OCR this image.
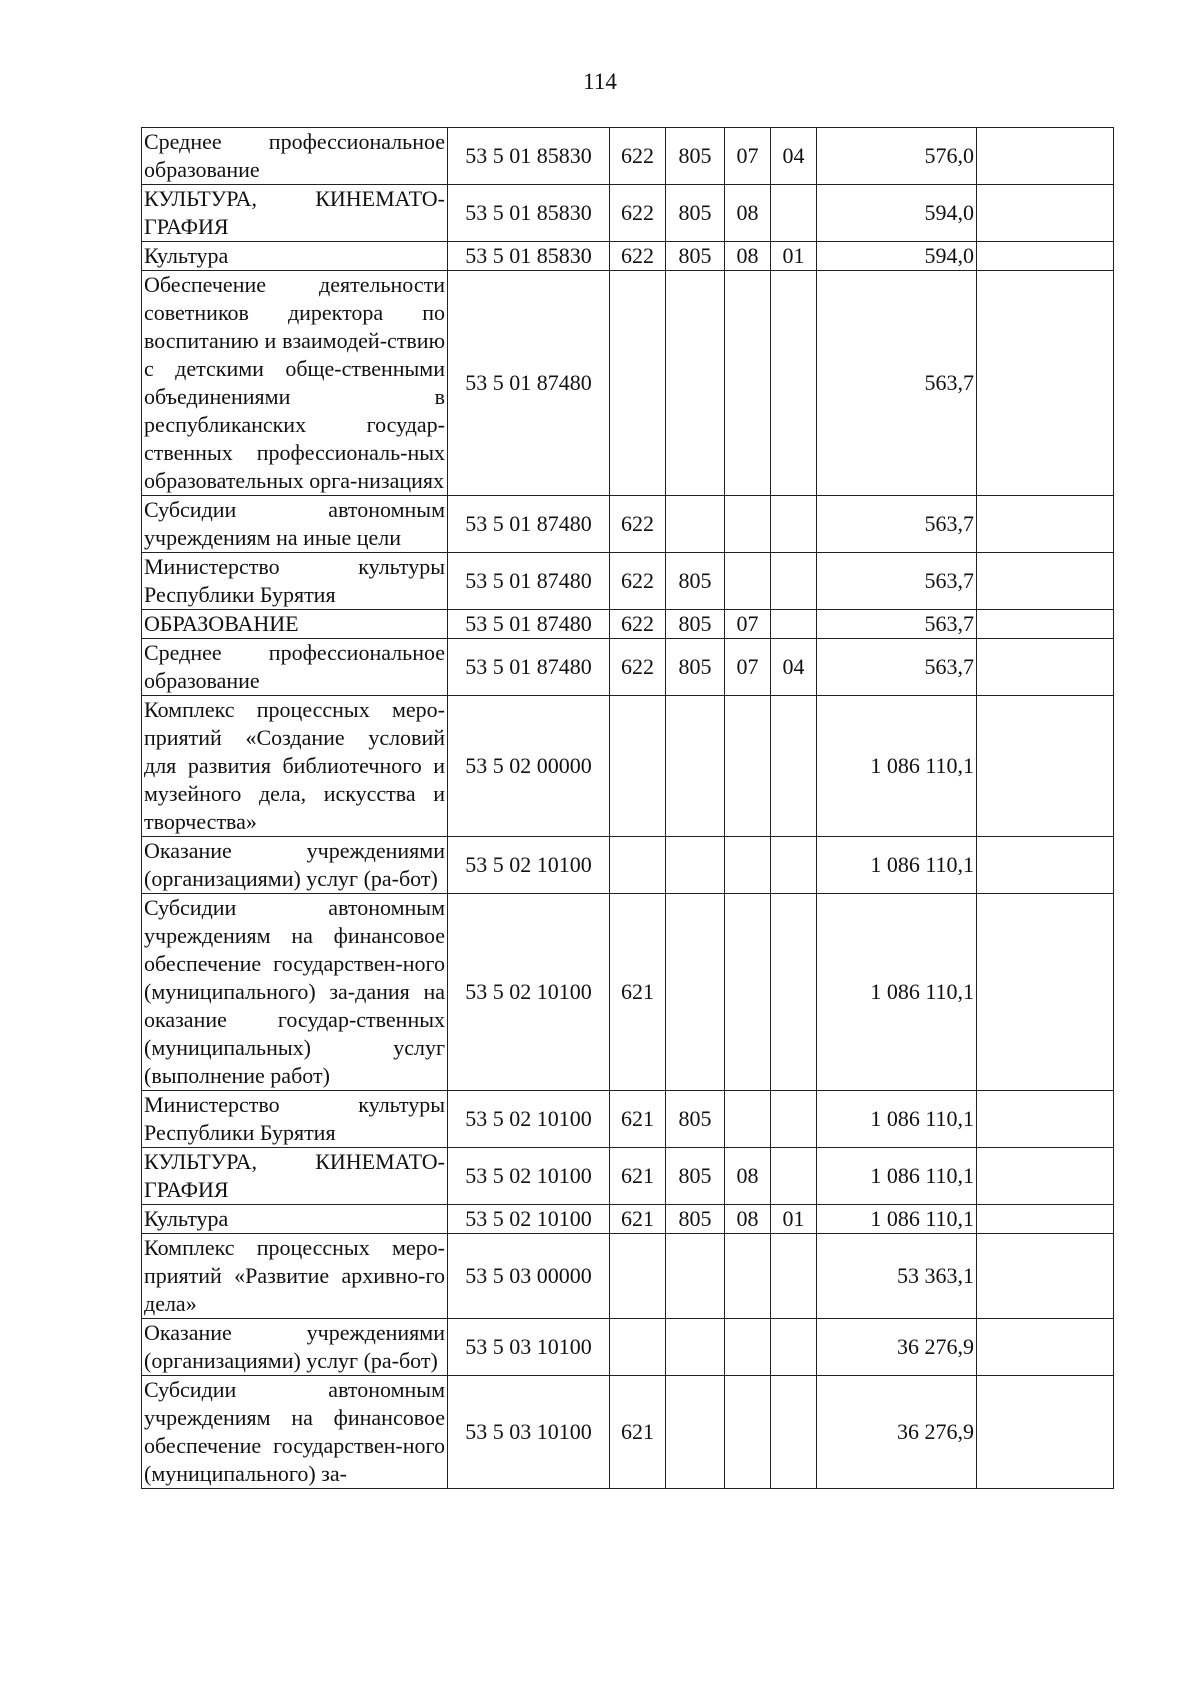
114
Среднее профессиональное образование	53 5 01 85830	622	805	07	04	576,0	
КУЛЬТУРА, КИНЕМАТО-ГРАФИЯ	53 5 01 85830	622	805	08		594,0	
Культура	53 5 01 85830	622	805	08	01	594,0	
Обеспечение деятельности советников директора по воспитанию и взаимодей-ствию с детскими обще-ственными объединениями в республиканских государ-ственных профессиональ-ных образовательных орга-низациях	53 5 01 87480					563,7	
Субсидии автономным учреждениям на иные цели	53 5 01 87480	622				563,7	
Министерство культуры Республики Бурятия	53 5 01 87480	622	805			563,7	
ОБРАЗОВАНИЕ	53 5 01 87480	622	805	07		563,7	
Среднее профессиональное образование	53 5 01 87480	622	805	07	04	563,7	
Комплекс процессных меро-приятий «Создание условий для развития библиотечного и музейного дела, искусства и творчества»	53 5 02 00000					1 086 110,1	
Оказание учреждениями (организациями) услуг (ра-бот)	53 5 02 10100					1 086 110,1	
Субсидии автономным учреждениям на финансовое обеспечение государствен-ного (муниципального) за-дания на оказание государ-ственных (муниципальных) услуг (выполнение работ)	53 5 02 10100	621				1 086 110,1	
Министерство культуры Республики Бурятия	53 5 02 10100	621	805			1 086 110,1	
КУЛЬТУРА, КИНЕМАТО-ГРАФИЯ	53 5 02 10100	621	805	08		1 086 110,1	
Культура	53 5 02 10100	621	805	08	01	1 086 110,1	
Комплекс процессных меро-приятий «Развитие архивно-го дела»	53 5 03 00000					53 363,1	
Оказание учреждениями (организациями) услуг (ра-бот)	53 5 03 10100					36 276,9	
Субсидии автономным учреждениям на финансовое обеспечение государствен-ного (муниципального) за-	53 5 03 10100	621				36 276,9	
